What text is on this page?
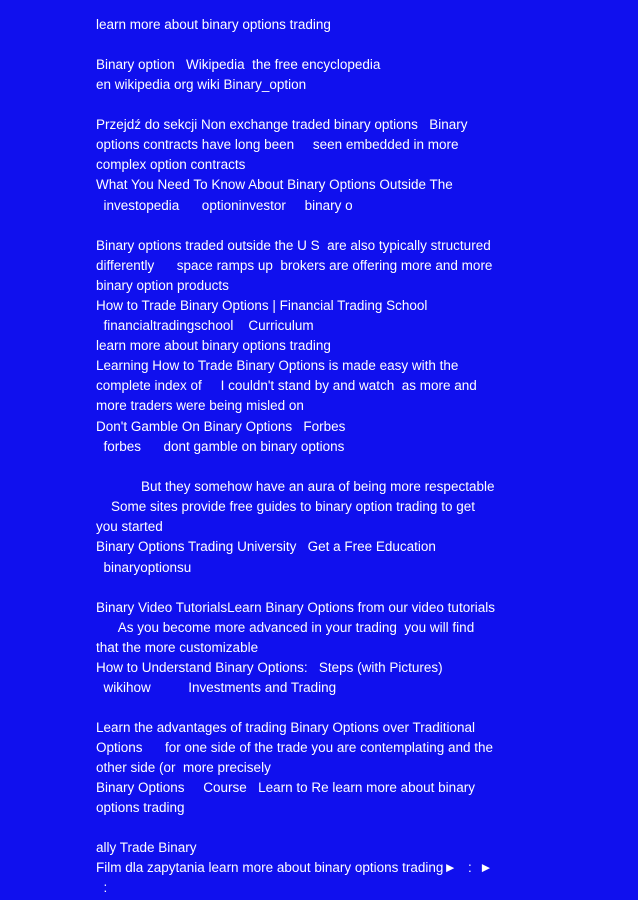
learn more about binary options trading
Binary option   Wikipedia  the free encyclopedia
en wikipedia org wiki Binary_option
Przejdź do sekcji Non exchange traded binary options   Binary
options contracts have long been     seen embedded in more
complex option contracts
What You Need To Know About Binary Options Outside The
investopedia      optioninvestor     binary o
Binary options traded outside the U S  are also typically structured
differently      space ramps up  brokers are offering more and more
binary option products
How to Trade Binary Options | Financial Trading School
financialtradingschool    Curriculum
learn more about binary options trading
Learning How to Trade Binary Options is made easy with the
complete index of     I couldn't stand by and watch  as more and
more traders were being misled on
Don't Gamble On Binary Options   Forbes
forbes      dont gamble on binary options
But they somehow have an aura of being more respectable
Some sites provide free guides to binary option trading to get
you started
Binary Options Trading University   Get a Free Education
binaryoptionsu
Binary Video TutorialsLearn Binary Options from our video tutorials
As you become more advanced in your trading  you will find
that the more customizable
How to Understand Binary Options:   Steps (with Pictures)
wikihow          Investments and Trading
Learn the advantages of trading Binary Options over Traditional
Options      for one side of the trade you are contemplating and the
other side (or  more precisely
Binary Options     Course   Learn to Re learn more about binary
options trading
ally Trade Binary
Film dla zapytania learn more about binary options trading►   :  ►
:
